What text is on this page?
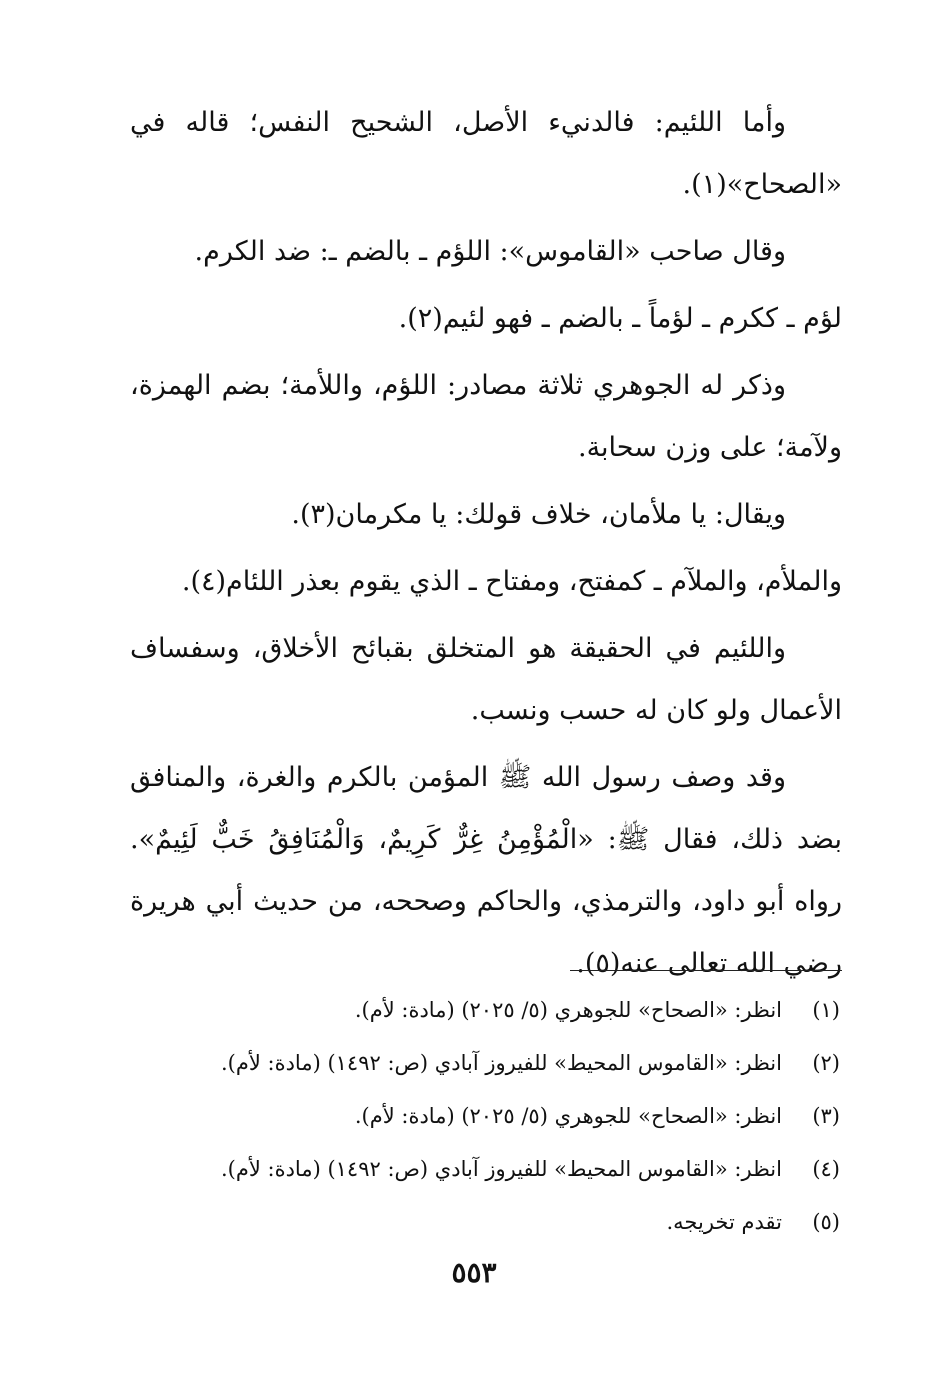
وأما اللئيم: فالدنيء الأصل، الشحيح النفس؛ قاله في «الصحاح»(١).

وقال صاحب «القاموس»: اللؤم ـ بالضم ـ: ضد الكرم.

لؤم ـ ككرم ـ لؤماً ـ بالضم ـ فهو لئيم(٢).

وذكر له الجوهري ثلاثة مصادر: اللؤم، واللأمة؛ بضم الهمزة، ولآمة؛ على وزن سحابة.

ويقال: يا ملأمان، خلاف قولك: يا مكرمان(٣).

والملأم، والملآم ـ كمفتح، ومفتاح ـ الذي يقوم بعذر اللئام(٤).

واللئيم في الحقيقة هو المتخلق بقبائح الأخلاق، وسفساف الأعمال ولو كان له حسب ونسب.

وقد وصف رسول الله ﷺ المؤمن بالكرم والغرة، والمنافق بضد ذلك، فقال ﷺ: «الْمُؤْمِنُ غِرٌّ كَرِيمٌ، وَالْمُنَافِقُ خَبٌّ لَئِيمٌ». رواه أبو داود، والترمذي، والحاكم وصححه، من حديث أبي هريرة رضي الله تعالى عنه(٥).

(١)
انظر: «الصحاح» للجوهري (٥/ ٢٠٢٥) (مادة: لأم).
(٢)
انظر: «القاموس المحيط» للفيروز آبادي (ص: ١٤٩٢) (مادة: لأم).
(٣)
انظر: «الصحاح» للجوهري (٥/ ٢٠٢٥) (مادة: لأم).
(٤)
انظر: «القاموس المحيط» للفيروز آبادي (ص: ١٤٩٢) (مادة: لأم).
(٥)
تقدم تخريجه.
٥٥٣
